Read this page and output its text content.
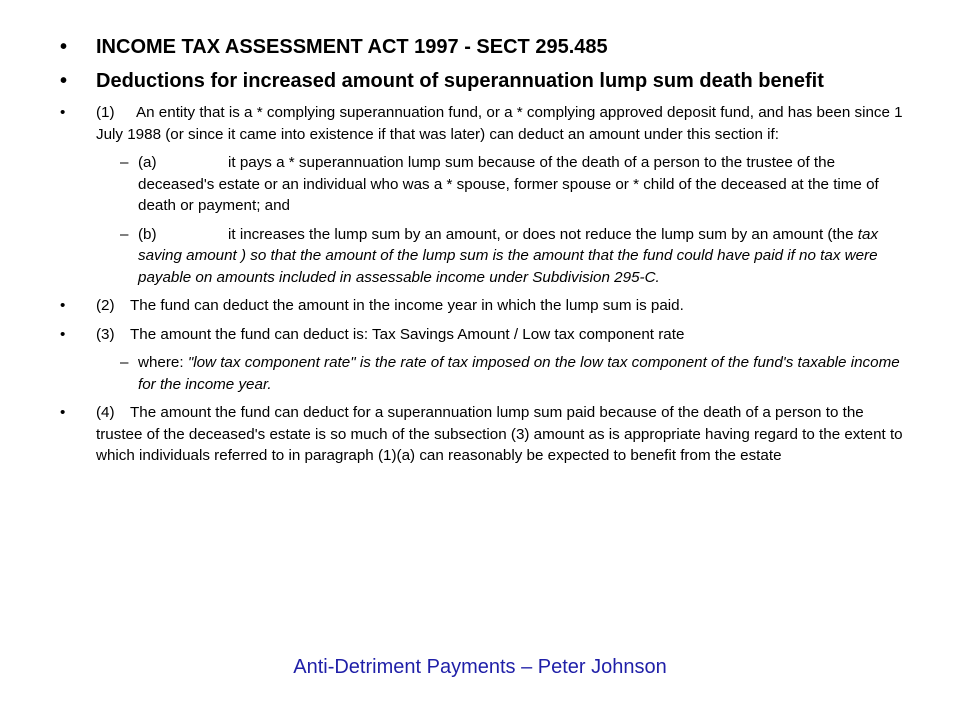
•	INCOME TAX ASSESSMENT ACT 1997 - SECT 295.485
•	Deductions for increased amount of superannuation lump sum death benefit
•	(1) An entity that is a * complying superannuation fund, or a * complying approved deposit fund, and has been since 1 July 1988 (or since it came into existence if that was later) can deduct an amount under this section if:
– (a)	it pays a * superannuation lump sum because of the death of a person to the trustee of the deceased's estate or an individual who was a * spouse, former spouse or * child of the deceased at the time of death or payment; and
– (b)	it increases the lump sum by an amount, or does not reduce the lump sum by an amount (the tax saving amount ) so that the amount of the lump sum is the amount that the fund could have paid if no tax were payable on amounts included in assessable income under Subdivision 295-C.
•	(2) The fund can deduct the amount in the income year in which the lump sum is paid.
•	(3) The amount the fund can deduct is: Tax Savings Amount / Low tax component rate
– where: "low tax component rate" is the rate of tax imposed on the low tax component of the fund's taxable income for the income year.
•	(4) The amount the fund can deduct for a superannuation lump sum paid because of the death of a person to the trustee of the deceased's estate is so much of the subsection (3) amount as is appropriate having regard to the extent to which individuals referred to in paragraph (1)(a) can reasonably be expected to benefit from the estate
Anti-Detriment Payments – Peter Johnson
